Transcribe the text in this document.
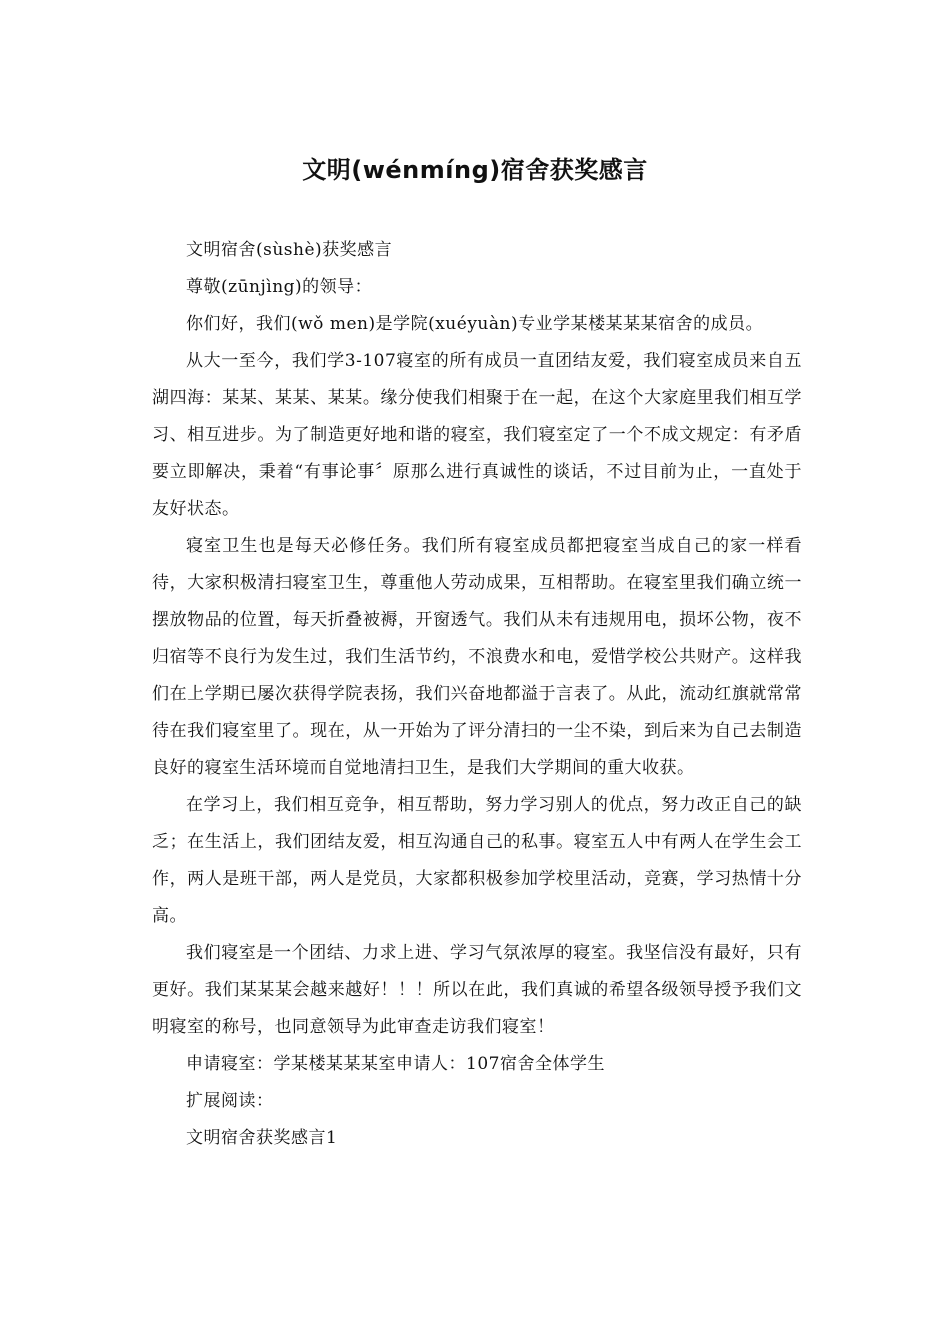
文明(wénmíng)宿舍获奖感言

文明宿舍(sùshè)获奖感言

尊敬(zūnjìng)的领导：

你们好，我们(wǒ men)是学院(xuéyuàn)专业学某楼某某某宿舍的成员。

从大一至今，我们学3-107寝室的所有成员一直团结友爱，我们寝室成员来自五湖四海：某某、某某、某某。缘分使我们相聚于在一起，在这个大家庭里我们相互学习、相互进步。为了制造更好地和谐的寝室，我们寝室定了一个不成文规定：有矛盾要立即解决，秉着“有事论事〞原那么进行真诚性的谈话，不过目前为止，一直处于友好状态。

寝室卫生也是每天必修任务。我们所有寝室成员都把寝室当成自己的家一样看待，大家积极清扫寝室卫生，尊重他人劳动成果，互相帮助。在寝室里我们确立统一摆放物品的位置，每天折叠被褥，开窗透气。我们从未有违规用电，损坏公物，夜不归宿等不良行为发生过，我们生活节约，不浪费水和电，爱惜学校公共财产。这样我们在上学期已屡次获得学院表扬，我们兴奋地都溢于言表了。从此，流动红旗就常常待在我们寝室里了。现在，从一开始为了评分清扫的一尘不染，到后来为自己去制造良好的寝室生活环境而自觉地清扫卫生，是我们大学期间的重大收获。

在学习上，我们相互竞争，相互帮助，努力学习别人的优点，努力改正自己的缺乏；在生活上，我们团结友爱，相互沟通自己的私事。寝室五人中有两人在学生会工作，两人是班干部，两人是党员，大家都积极参加学校里活动，竞赛，学习热情十分高。

我们寝室是一个团结、力求上进、学习气氛浓厚的寝室。我坚信没有最好，只有更好。我们某某某会越来越好！！！所以在此，我们真诚的希望各级领导授予我们文明寝室的称号，也同意领导为此审查走访我们寝室！

申请寝室：学某楼某某某室申请人：107宿舍全体学生

扩展阅读：

文明宿舍获奖感言1
